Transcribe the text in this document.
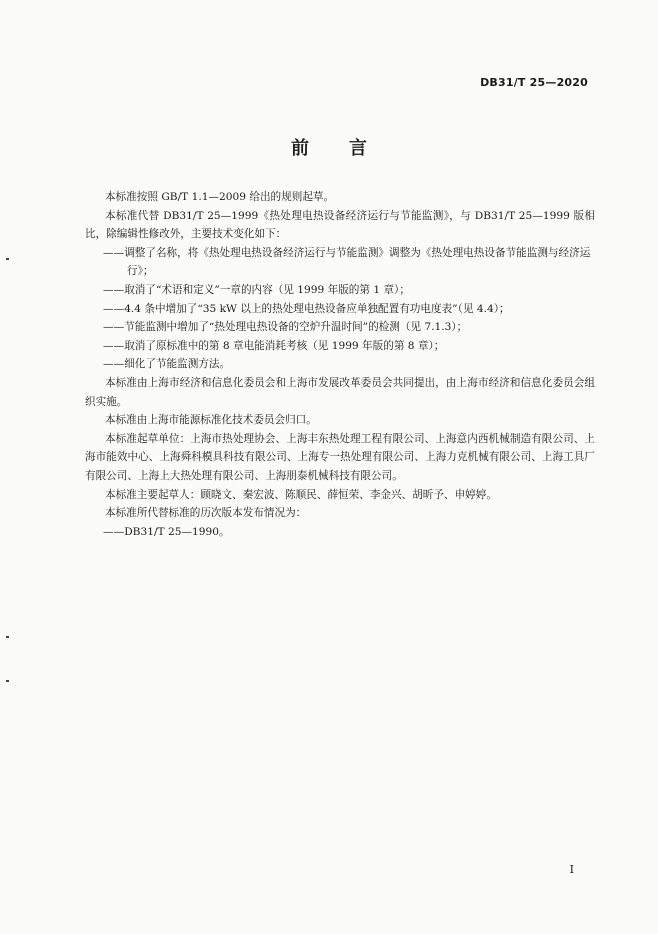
DB31/T 25—2020
前 言

本标准按照 GB/T 1.1—2009 给出的规则起草。

本标准代替 DB31/T 25—1999《热处理电热设备经济运行与节能监测》，与 DB31/T 25—1999 版相比，除编辑性修改外，主要技术变化如下：

——调整了名称，将《热处理电热设备经济运行与节能监测》调整为《热处理电热设备节能监测与经济运行》；

——取消了“术语和定义”一章的内容（见 1999 年版的第 1 章）；

——4.4 条中增加了“35 kW 以上的热处理电热设备应单独配置有功电度表”（见 4.4）；

——节能监测中增加了“热处理电热设备的空炉升温时间”的检测（见 7.1.3）；

——取消了原标准中的第 8 章电能消耗考核（见 1999 年版的第 8 章）；

——细化了节能监测方法。

本标准由上海市经济和信息化委员会和上海市发展改革委员会共同提出，由上海市经济和信息化委员会组织实施。

本标准由上海市能源标准化技术委员会归口。

本标准起草单位：上海市热处理协会、上海丰东热处理工程有限公司、上海意内西机械制造有限公司、上海市能效中心、上海舜科模具科技有限公司、上海专一热处理有限公司、上海力克机械有限公司、上海工具厂有限公司、上海上大热处理有限公司、上海朋泰机械科技有限公司。

本标准主要起草人：顾晓文、秦宏波、陈顺民、薛恒荣、李金兴、胡昕予、申婷婷。

本标准所代替标准的历次版本发布情况为：

——DB31/T 25—1990。

I
